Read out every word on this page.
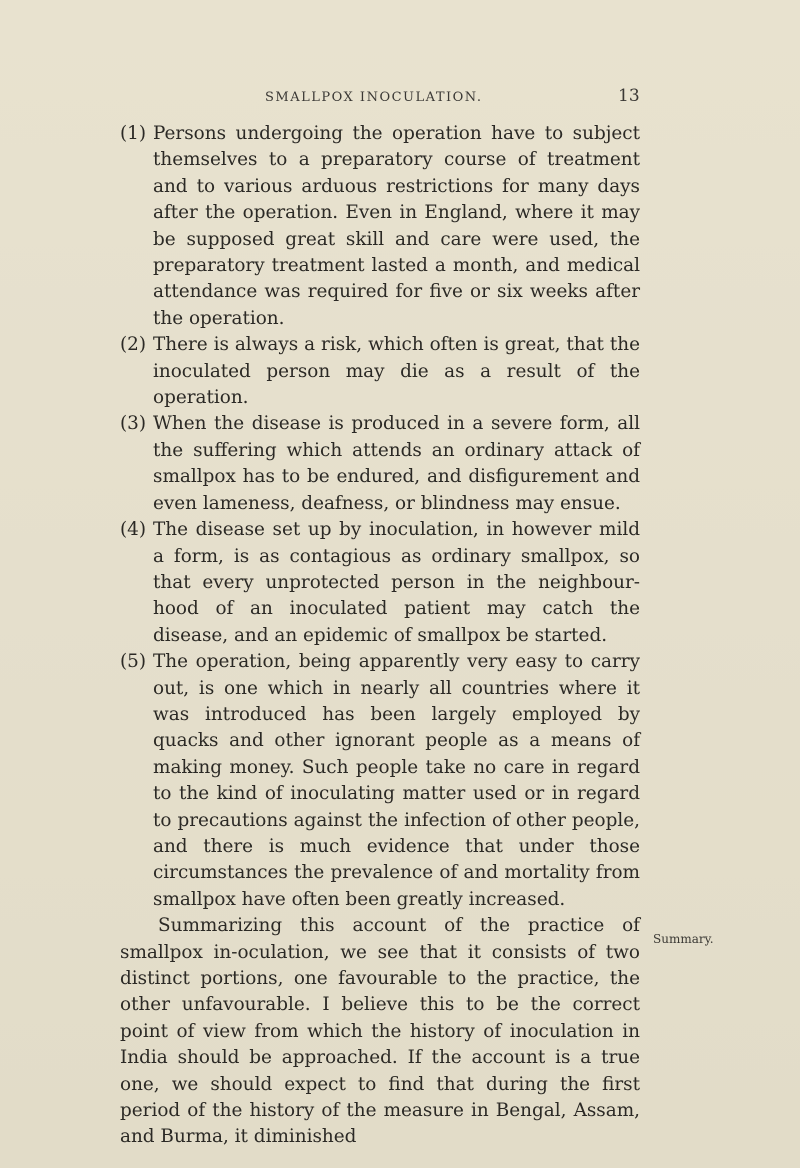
SMALLPOX INOCULATION.	13

(1) Persons undergoing the operation have to subject themselves to a preparatory course of treatment and to various arduous restrictions for many days after the operation. Even in England, where it may be supposed great skill and care were used, the preparatory treatment lasted a month, and medical attendance was required for five or six weeks after the operation.

(2) There is always a risk, which often is great, that the inoculated person may die as a result of the operation.

(3) When the disease is produced in a severe form, all the suffering which attends an ordinary attack of smallpox has to be endured, and disfigurement and even lameness, deafness, or blindness may ensue.

(4) The disease set up by inoculation, in however mild a form, is as contagious as ordinary smallpox, so that every unprotected person in the neighbour-hood of an inoculated patient may catch the disease, and an epidemic of smallpox be started.

(5) The operation, being apparently very easy to carry out, is one which in nearly all countries where it was introduced has been largely employed by quacks and other ignorant people as a means of making money. Such people take no care in regard to the kind of inoculating matter used or in regard to precautions against the infection of other people, and there is much evidence that under those circumstances the prevalence of and mortality from smallpox have often been greatly increased.

Summarizing this account of the practice of smallpox in-oculation, we see that it consists of two distinct portions, one favourable to the practice, the other unfavourable. I believe this to be the correct point of view from which the history of inoculation in India should be approached. If the account is a true one, we should expect to find that during the first period of the history of the measure in Bengal, Assam, and Burma, it diminished

Summary.
